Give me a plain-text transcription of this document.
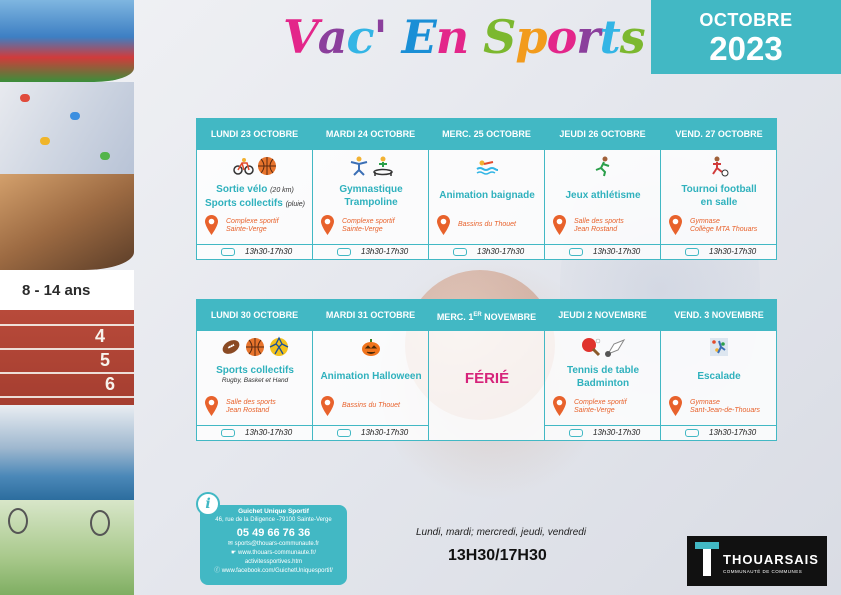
8 - 14 ans
4
5
6
Vac' En Sports	OCTOBRE
2023
LUNDI 23 OCTOBRE
Sortie vélo (20 km)
Sports collectifs (pluie)
Complexe sportif
Sainte-Verge
13h30-17h30
MARDI 24 OCTOBRE
Gymnastique
Trampoline
Complexe sportif
Sainte-Verge
13h30-17h30
MERC. 25 OCTOBRE
Animation baignade
Bassins du Thouet
13h30-17h30
JEUDI 26 OCTOBRE
Jeux athlétisme
Salle des sports
Jean Rostand
13h30-17h30
VEND. 27 OCTOBRE
Tournoi football
en salle
Gymnase
Collège MTA Thouars
13h30-17h30
LUNDI 30 OCTOBRE
Sports collectifs
Rugby, Basket et Hand
Salle des sports
Jean Rostand
13h30-17h30
MARDI 31 OCTOBRE
Animation Halloween
Bassins du Thouet
13h30-17h30
MERC. 1ER NOVEMBRE
FÉRIÉ
JEUDI 2 NOVEMBRE
Tennis de table
Badminton
Complexe sportif
Sainte-Verge
13h30-17h30
VEND. 3 NOVEMBRE
Escalade
Gymnase
Sant-Jean-de-Thouars
13h30-17h30
Guichet Unique Sportif
46, rue de la Diligence -79100 Sainte-Verge
05 49 66 76 36
✉ sports@thouars-communaute.fr
☛ www.thouars-communaute.fr/
activitessportives.htm
ⓕ www.facebook.com/GuichetUniquesportif/
i
Lundi, mardi; mercredi, jeudi, vendredi
13H30/17H30	THOUARSAIS
COMMUNAUTÉ DE COMMUNES
